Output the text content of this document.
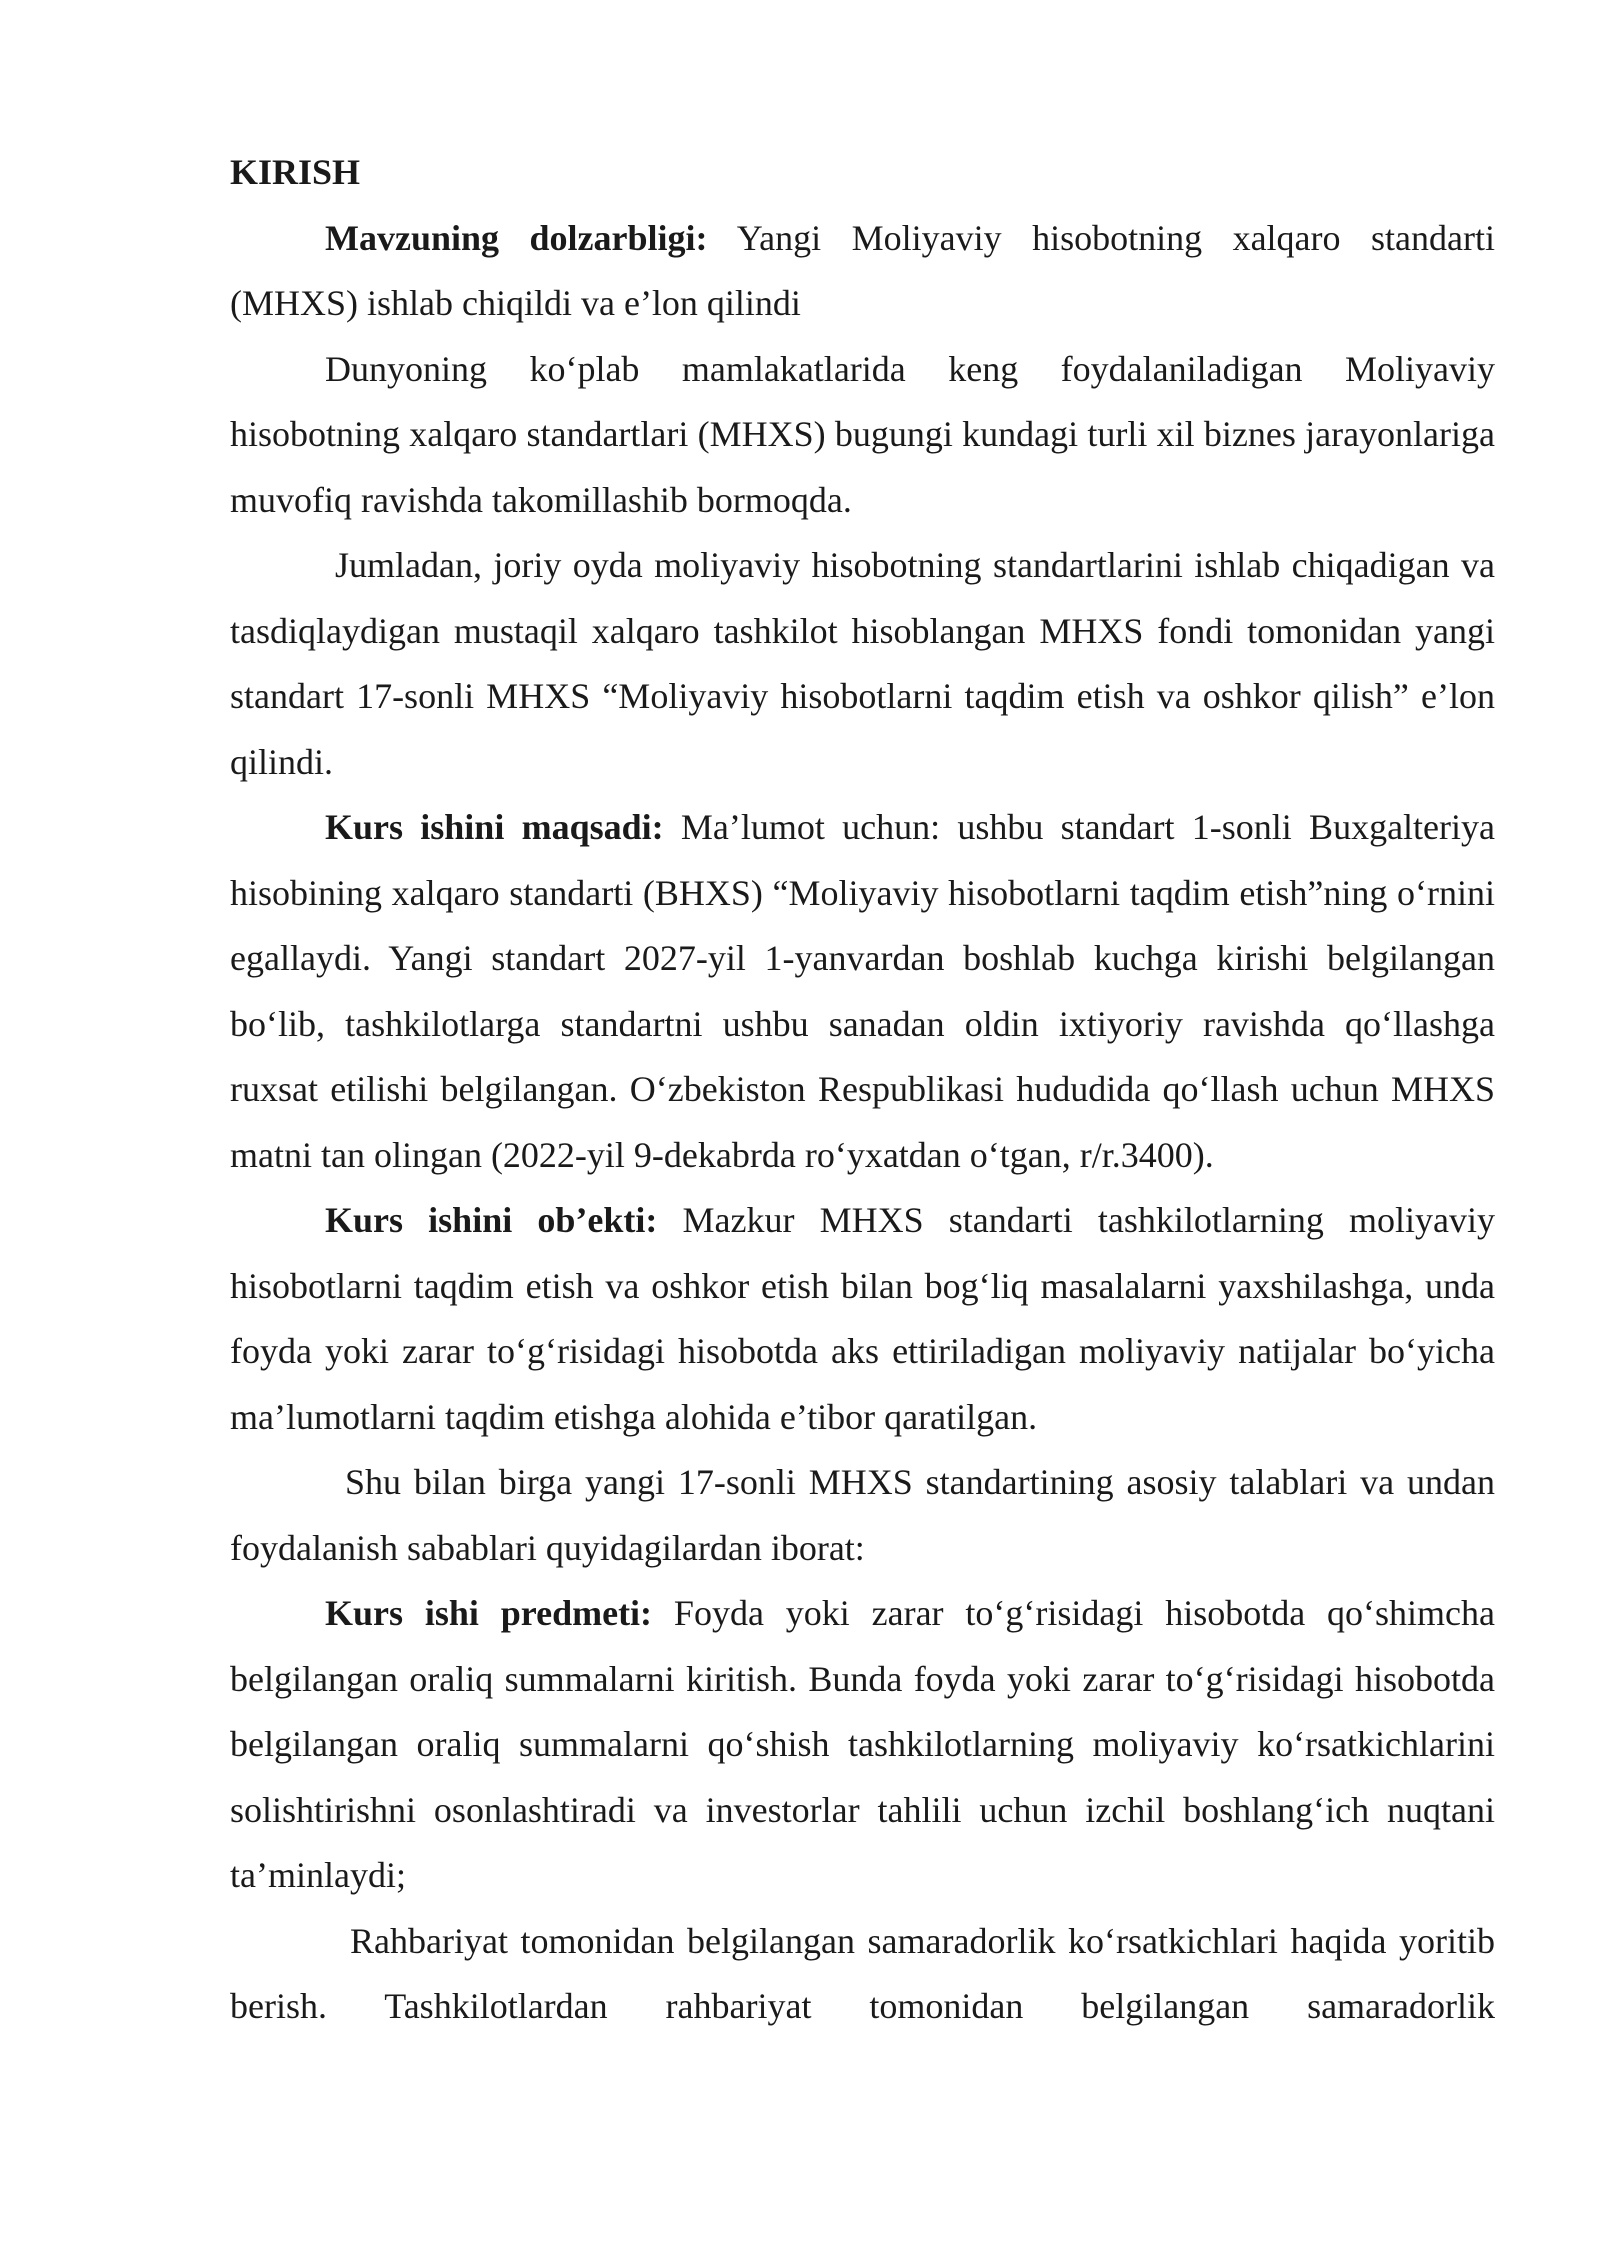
KIRISH

Mavzuning dolzarbligi: Yangi Moliyaviy hisobotning xalqaro standarti (MHXS) ishlab chiqildi va e’lon qilindi

Dunyoning ko‘plab mamlakatlarida keng foydalaniladigan Moliyaviy hisobotning xalqaro standartlari (MHXS) bugungi kundagi turli xil biznes jarayonlariga muvofiq ravishda takomillashib bormoqda.

Jumladan, joriy oyda moliyaviy hisobotning standartlarini ishlab chiqadigan va tasdiqlaydigan mustaqil xalqaro tashkilot hisoblangan MHXS fondi tomonidan yangi standart 17-sonli MHXS “Moliyaviy hisobotlarni taqdim etish va oshkor qilish” e’lon qilindi.

Kurs ishini maqsadi: Ma’lumot uchun: ushbu standart 1-sonli Buxgalteriya hisobining xalqaro standarti (BHXS) “Moliyaviy hisobotlarni taqdim etish”ning o‘rnini egallaydi. Yangi standart 2027-yil 1-yanvardan boshlab kuchga kirishi belgilangan bo‘lib, tashkilotlarga standartni ushbu sanadan oldin ixtiyoriy ravishda qo‘llashga ruxsat etilishi belgilangan. O‘zbekiston Respublikasi hududida qo‘llash uchun MHXS matni tan olingan (2022-yil 9-dekabrda ro‘yxatdan o‘tgan, r/r.3400).

Kurs ishini ob’ekti: Mazkur MHXS standarti tashkilotlarning moliyaviy hisobotlarni taqdim etish va oshkor etish bilan bog‘liq masalalarni yaxshilashga, unda foyda yoki zarar to‘g‘risidagi hisobotda aks ettiriladigan moliyaviy natijalar bo‘yicha ma’lumotlarni taqdim etishga alohida e’tibor qaratilgan.

Shu bilan birga yangi 17-sonli MHXS standartining asosiy talablari va undan foydalanish sabablari quyidagilardan iborat:

Kurs ishi predmeti: Foyda yoki zarar to‘g‘risidagi hisobotda qo‘shimcha belgilangan oraliq summalarni kiritish. Bunda foyda yoki zarar to‘g‘risidagi hisobotda belgilangan oraliq summalarni qo‘shish tashkilotlarning moliyaviy ko‘rsatkichlarini solishtirishni osonlashtiradi va investorlar tahlili uchun izchil boshlang‘ich nuqtani ta’minlaydi;

Rahbariyat tomonidan belgilangan samaradorlik ko‘rsatkichlari haqida yoritib berish. Tashkilotlardan rahbariyat tomonidan belgilangan samaradorlik
